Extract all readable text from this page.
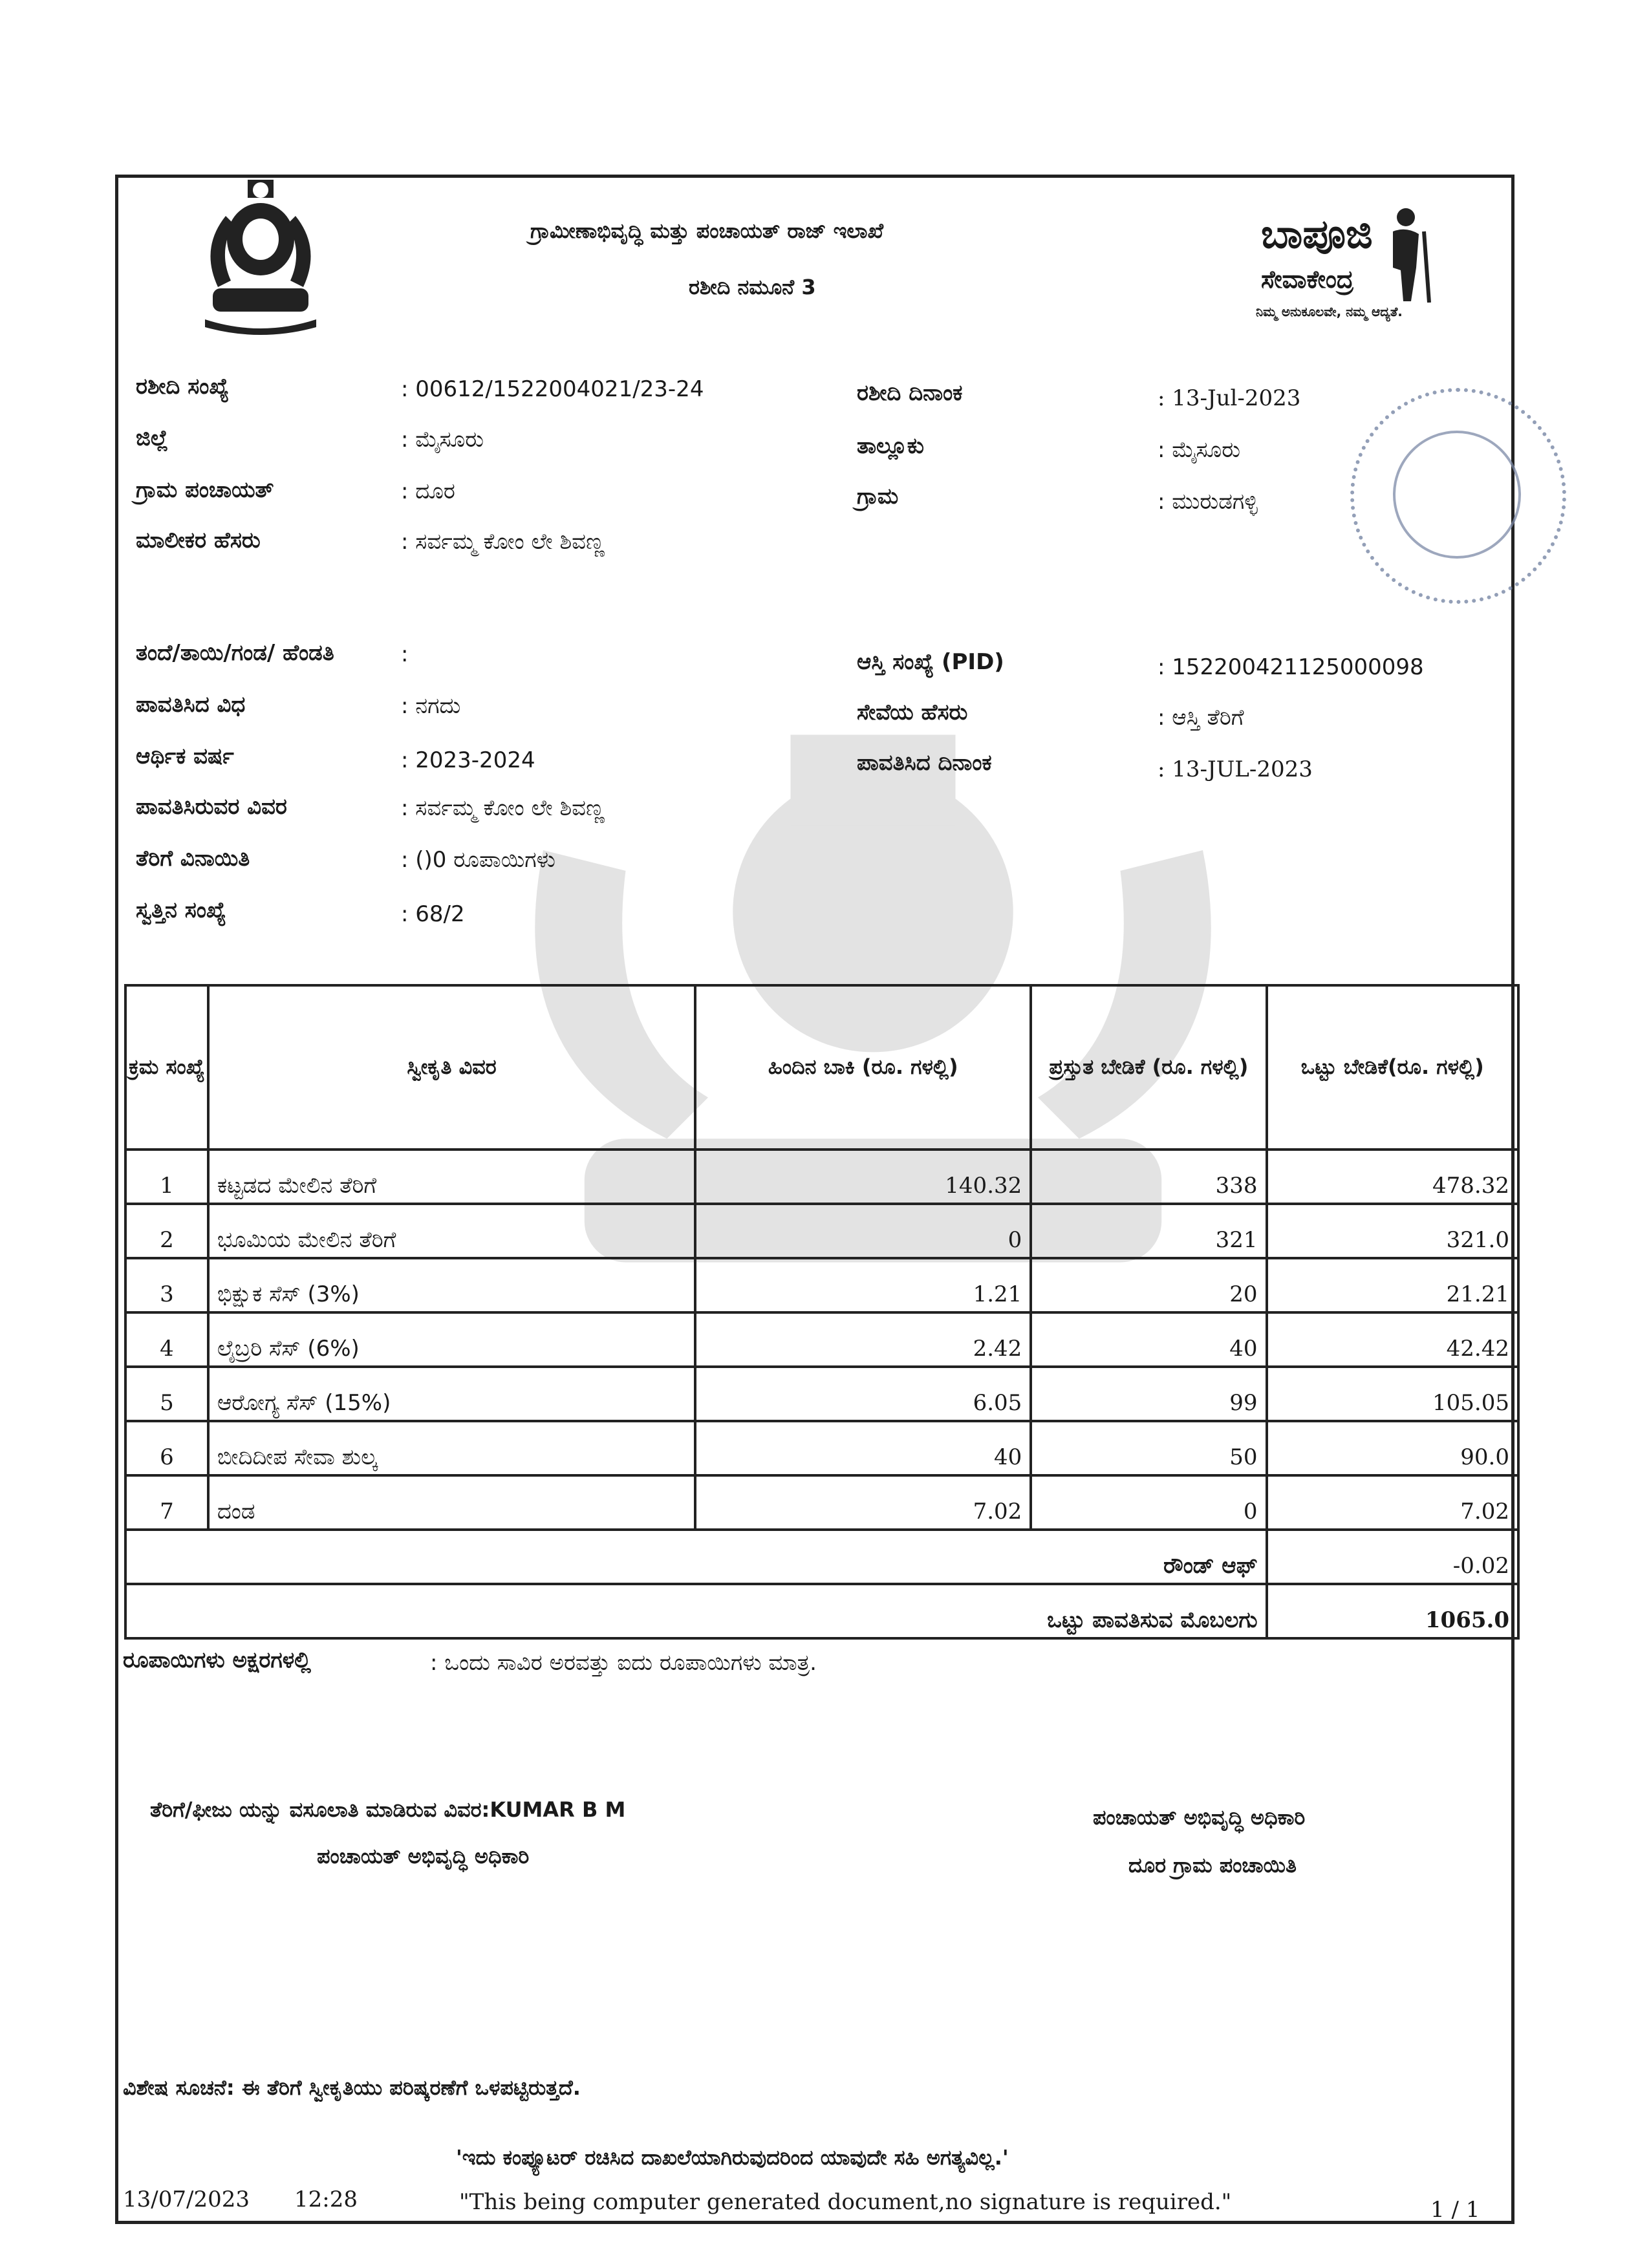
ಗ್ರಾಮೀಣಾಭಿವೃದ್ಧಿ ಮತ್ತು ಪಂಚಾಯತ್ ರಾಜ್ ಇಲಾಖೆ
ರಶೀದಿ ನಮೂನೆ 3
ಬಾಪೂಜಿ
ಸೇವಾಕೇಂದ್ರ
ನಿಮ್ಮ ಅನುಕೂಲವೇ, ನಮ್ಮ ಆದ್ಯತೆ.
ರಶೀದಿ ಸಂಖ್ಯೆ	: 00612/1522004021/23-24	ರಶೀದಿ ದಿನಾಂಕ	: 13-Jul-2023
ಜಿಲ್ಲೆ	: ಮೈಸೂರು	ತಾಲ್ಲೂಕು	: ಮೈಸೂರು
ಗ್ರಾಮ ಪಂಚಾಯತ್	: ದೂರ	ಗ್ರಾಮ	: ಮುರುಡಗಳ್ಳಿ
ಮಾಲೀಕರ ಹೆಸರು	: ಸರ್ವಮ್ಮ ಕೋಂ ಲೇ ಶಿವಣ್ಣ
ತಂದೆ/ತಾಯಿ/ಗಂಡ/ ಹೆಂಡತಿ	:	ಆಸ್ತಿ ಸಂಖ್ಯೆ (PID)	: 152200421125000098
ಪಾವತಿಸಿದ ವಿಧ	: ನಗದು	ಸೇವೆಯ ಹೆಸರು	: ಆಸ್ತಿ ತೆರಿಗೆ
ಆರ್ಥಿಕ ವರ್ಷ	: 2023-2024	ಪಾವತಿಸಿದ ದಿನಾಂಕ	: 13-JUL-2023
ಪಾವತಿಸಿರುವರ ವಿವರ	: ಸರ್ವಮ್ಮ ಕೋಂ ಲೇ ಶಿವಣ್ಣ
ತೆರಿಗೆ ವಿನಾಯಿತಿ	: ()0 ರೂಪಾಯಿಗಳು
ಸ್ವತ್ತಿನ ಸಂಖ್ಯೆ	: 68/2
ಕ್ರಮ ಸಂಖ್ಯೆ	ಸ್ವೀಕೃತಿ ವಿವರ	ಹಿಂದಿನ ಬಾಕಿ (ರೂ. ಗಳಲ್ಲಿ)	ಪ್ರಸ್ತುತ ಬೇಡಿಕೆ (ರೂ. ಗಳಲ್ಲಿ)	ಒಟ್ಟು ಬೇಡಿಕೆ(ರೂ. ಗಳಲ್ಲಿ)
1	ಕಟ್ಟಡದ ಮೇಲಿನ ತೆರಿಗೆ	140.32	338	478.32
2	ಭೂಮಿಯ ಮೇಲಿನ ತೆರಿಗೆ	0	321	321.0
3	ಭಿಕ್ಷುಕ ಸೆಸ್ (3%)	1.21	20	21.21
4	ಲೈಬ್ರರಿ ಸೆಸ್ (6%)	2.42	40	42.42
5	ಆರೋಗ್ಯ ಸೆಸ್ (15%)	6.05	99	105.05
6	ಬೀದಿದೀಪ ಸೇವಾ ಶುಲ್ಕ	40	50	90.0
7	ದಂಡ	7.02	0	7.02
ರೌಂಡ್ ಆಫ್				-0.02
ಒಟ್ಟು ಪಾವತಿಸುವ ಮೊಬಲಗು				1065.0
ರೂಪಾಯಿಗಳು ಅಕ್ಷರಗಳಲ್ಲಿ	: ಒಂದು ಸಾವಿರ ಅರವತ್ತು ಐದು ರೂಪಾಯಿಗಳು ಮಾತ್ರ.
ತೆರಿಗೆ/ಫೀಜು ಯನ್ನು ವಸೂಲಾತಿ ಮಾಡಿರುವ ವಿವರ:KUMAR B M
ಪಂಚಾಯತ್ ಅಭಿವೃದ್ಧಿ ಅಧಿಕಾರಿ
ಪಂಚಾಯತ್ ಅಭಿವೃದ್ಧಿ ಅಧಿಕಾರಿ
ದೂರ ಗ್ರಾಮ ಪಂಚಾಯಿತಿ
ವಿಶೇಷ ಸೂಚನೆ: ಈ ತೆರಿಗೆ ಸ್ವೀಕೃತಿಯು ಪರಿಷ್ಕರಣೆಗೆ ಒಳಪಟ್ಟಿರುತ್ತದೆ.
'ಇದು ಕಂಪ್ಯೂಟರ್ ರಚಿಸಿದ ದಾಖಲೆಯಾಗಿರುವುದರಿಂದ ಯಾವುದೇ ಸಹಿ ಅಗತ್ಯವಿಲ್ಲ.'
"This being computer generated document,no signature is required."
13/07/2023 12:28	1 / 1
